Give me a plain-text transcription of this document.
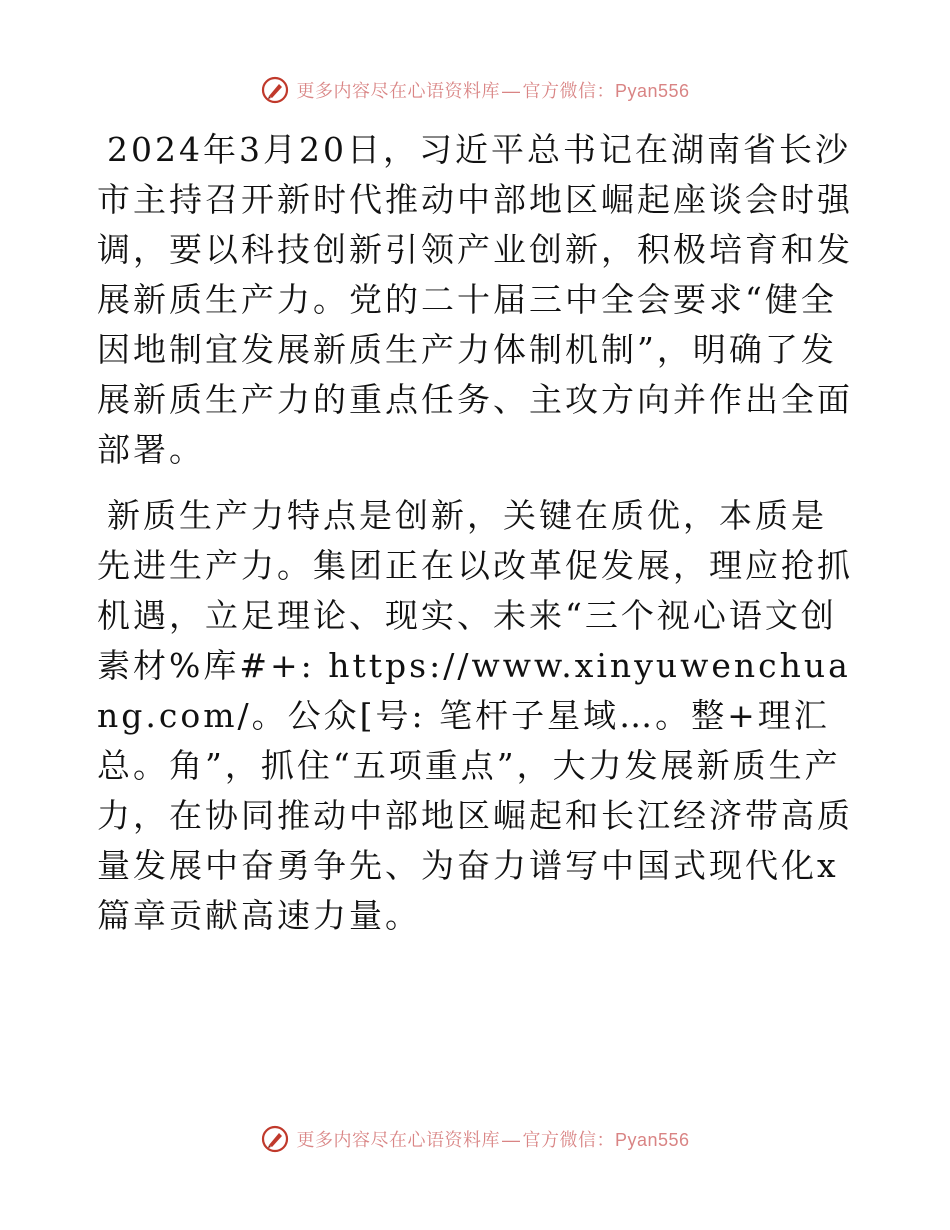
更多内容尽在心语资料库 — 官方微信：Pyan556

2024年3月20日，习近平总书记在湖南省长沙市主持召开新时代推动中部地区崛起座谈会时强调，要以科技创新引领产业创新，积极培育和发展新质生产力。党的二十届三中全会要求“健全因地制宜发展新质生产力体制机制”，明确了发展新质生产力的重点任务、主攻方向并作出全面部署。

新质生产力特点是创新，关键在质优，本质是先进生产力。集团正在以改革促发展，理应抢抓机遇，立足理论、现实、未来“三个视心语文创素材%库#+: https://www.xinyuwenchuang.com/。公众[号: 笔杆子星域…。整+理汇总。角”，抓住“五项重点”，大力发展新质生产力，在协同推动中部地区崛起和长江经济带高质量发展中奋勇争先、为奋力谱写中国式现代化x篇章贡献高速力量。

更多内容尽在心语资料库 — 官方微信：Pyan556
